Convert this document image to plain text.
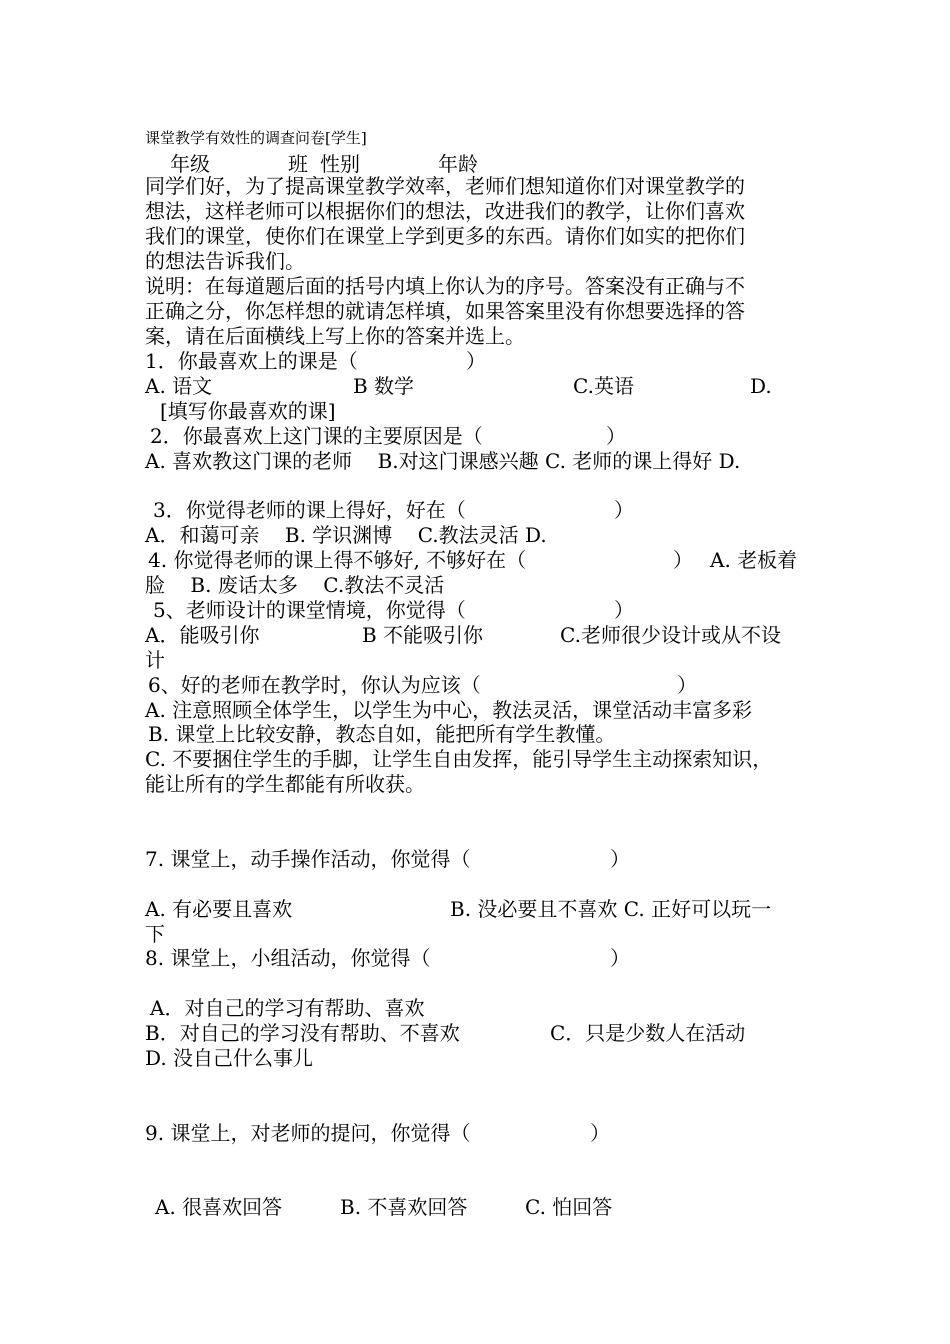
课堂教学有效性的调查问卷[学生]
年级	班 性别	年龄
同学们好，为了提高课堂教学效率，老师们想知道你们对课堂教学的
想法，这样老师可以根据你们的想法，改进我们的教学，让你们喜欢
我们的课堂，使你们在课堂上学到更多的东西。请你们如实的把你们
的想法告诉我们。
说明：在每道题后面的括号内填上你认为的序号。答案没有正确与不
正确之分，你怎样想的就请怎样填，如果答案里没有你想要选择的答
案，请在后面横线上写上你的答案并选上。
1．你最喜欢上的课是（	）
A. 语文	B 数学	C.英语	D.
[填写你最喜欢的课]
2．你最喜欢上这门课的主要原因是（	）
A. 喜欢教这门课的老师    B.对这门课感兴趣 C. 老师的课上得好 D.
3．你觉得老师的课上得好，好在（	）
A．和蔼可亲    B. 学识渊博    C.教法灵活 D.
4. 你觉得老师的课上得不够好, 不够好在（	） A. 老板着
脸    B. 废话太多    C.教法不灵活
5、老师设计的课堂情境，你觉得（	）
A．能吸引你	B 不能吸引你	C.老师很少设计或从不设
计
6、好的老师在教学时，你认为应该（	）
A. 注意照顾全体学生，以学生为中心，教法灵活，课堂活动丰富多彩
B. 课堂上比较安静，教态自如，能把所有学生教懂。
C. 不要捆住学生的手脚，让学生自由发挥，能引导学生主动探索知识，
能让所有的学生都能有所收获。
7. 课堂上，动手操作活动，你觉得（	）
A. 有必要且喜欢	B. 没必要且不喜欢 C. 正好可以玩一
下
8. 课堂上，小组活动，你觉得（	）
A．对自己的学习有帮助、喜欢
B．对自己的学习没有帮助、不喜欢	C．只是少数人在活动
D. 没自己什么事儿
9. 课堂上，对老师的提问，你觉得（	）
A. 很喜欢回答	B. 不喜欢回答	C. 怕回答
